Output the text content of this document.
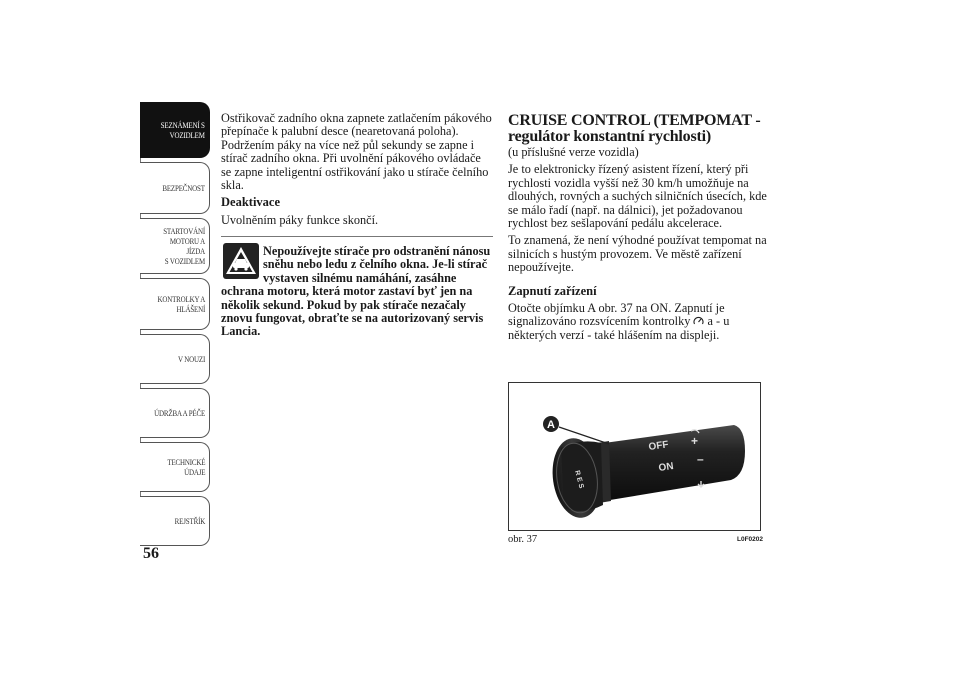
SEZNÁMENÍ S
VOZIDLEM
BEZPEČNOST
STARTOVÁNÍ
MOTORU A JÍZDA
S VOZIDLEM
KONTROLKY A
HLÁŠENÍ
V NOUZI
ÚDRŽBA A PÉČE
TECHNICKÉ
ÚDAJE
REJSTŘÍK
56

Ostřikovač zadního okna zapnete zatlačením pákového přepínače k palubní desce (nearetovaná poloha). Podržením páky na více než půl sekundy se zapne i stírač zadního okna. Při uvolnění pákového ovládače se zapne inteligentní ostřikování jako u stírače čelního skla.

Deaktivace

Uvolněním páky funkce skončí.

Nepoužívejte stírače pro odstranění nánosu
sněhu nebo ledu z čelního okna. Je-li stírač
vystaven silnému namáhání, zasáhne
ochrana motoru, která motor zastaví byť jen na několik sekund. Pokud by pak stírače nezačaly znovu fungovat, obraťte se na autorizovaný servis Lancia.
CRUISE CONTROL (TEMPOMAT -
regulátor konstantní rychlosti)

(u příslušné verze vozidla)

Je to elektronicky řízený asistent řízení, který při rychlosti vozidla vyšší než 30 km/h umožňuje na dlouhých, rovných a suchých silničních úsecích, kde se málo řadí (např. na dálnici), jet požadovanou rychlost bez sešlapování pedálu akcelerace.

To znamená, že není výhodné používat tempomat na silnicích s hustým provozem. Ve městě zařízení nepoužívejte.

Zapnutí zařízení

Otočte objímku A obr. 37 na ON. Zapnutí je signalizováno rozsvícením kontrolky  a - u některých verzí - také hlášením na displeji.

A
OFF
ON
+
–
RES
obr. 37	L0F0202
